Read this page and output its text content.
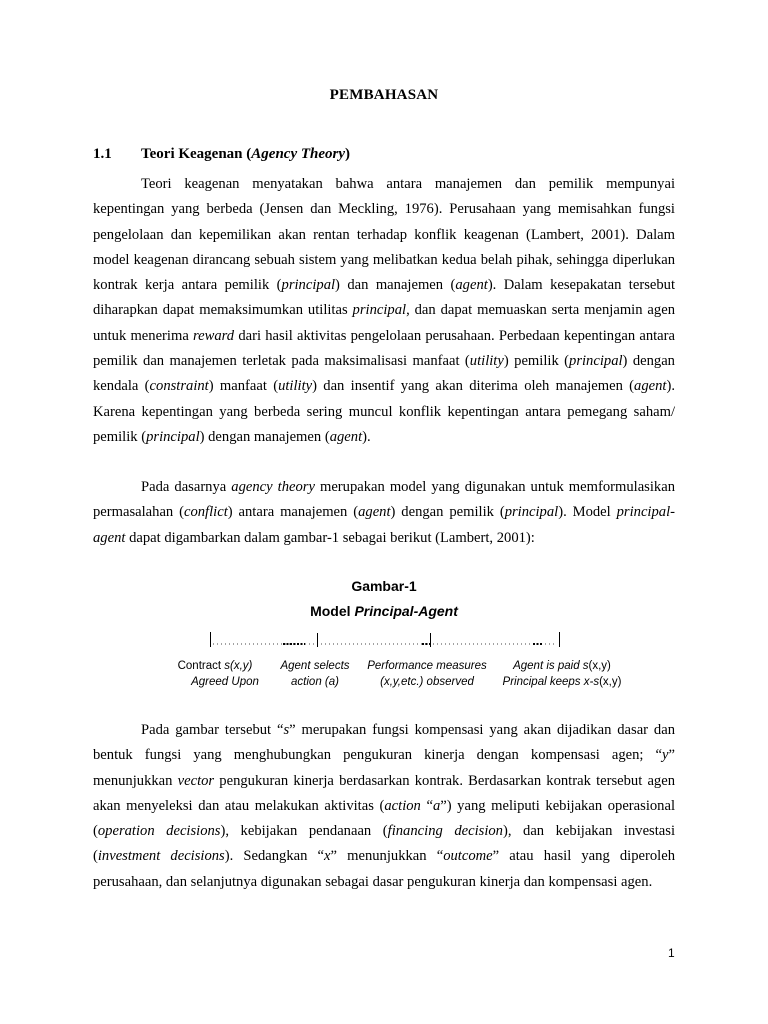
PEMBAHASAN
1.1 Teori Keagenan (Agency Theory)

Teori keagenan menyatakan bahwa antara manajemen dan pemilik mempunyai kepentingan yang berbeda (Jensen dan Meckling, 1976). Perusahaan yang memisahkan fungsi pengelolaan dan kepemilikan akan rentan terhadap konflik keagenan (Lambert, 2001). Dalam model keagenan dirancang sebuah sistem yang melibatkan kedua belah pihak, sehingga diperlukan kontrak kerja antara pemilik (principal) dan manajemen (agent). Dalam kesepakatan tersebut diharapkan dapat memaksimumkan utilitas principal, dan dapat memuaskan serta menjamin agen untuk menerima reward dari hasil aktivitas pengelolaan perusahaan. Perbedaan kepentingan antara pemilik dan manajemen terletak pada maksimalisasi manfaat (utility) pemilik (principal) dengan kendala (constraint) manfaat (utility) dan insentif yang akan diterima oleh manajemen (agent). Karena kepentingan yang berbeda sering muncul konflik kepentingan antara pemegang saham/ pemilik (principal) dengan manajemen (agent).

Pada dasarnya agency theory merupakan model yang digunakan untuk memformulasikan permasalahan (conflict) antara manajemen (agent) dengan pemilik (principal). Model principal-agent dapat digambarkan dalam gambar-1 sebagai berikut (Lambert, 2001):

Gambar-1
Model Principal-Agent
Contract s(x,y)
Agreed Upon
Agent selects
action (a)
Performance measures
(x,y,etc.) observed
Agent is paid s(x,y)
Principal keeps x-s(x,y)

Pada gambar tersebut “s” merupakan fungsi kompensasi yang akan dijadikan dasar dan bentuk fungsi yang menghubungkan pengukuran kinerja dengan kompensasi agen; “y” menunjukkan vector pengukuran kinerja berdasarkan kontrak. Berdasarkan kontrak tersebut agen akan menyeleksi dan atau melakukan aktivitas (action “a”) yang meliputi kebijakan operasional (operation decisions), kebijakan pendanaan (financing decision), dan kebijakan investasi (investment decisions). Sedangkan “x” menunjukkan “outcome” atau hasil yang diperoleh perusahaan, dan selanjutnya digunakan sebagai dasar pengukuran kinerja dan kompensasi agen.

1
